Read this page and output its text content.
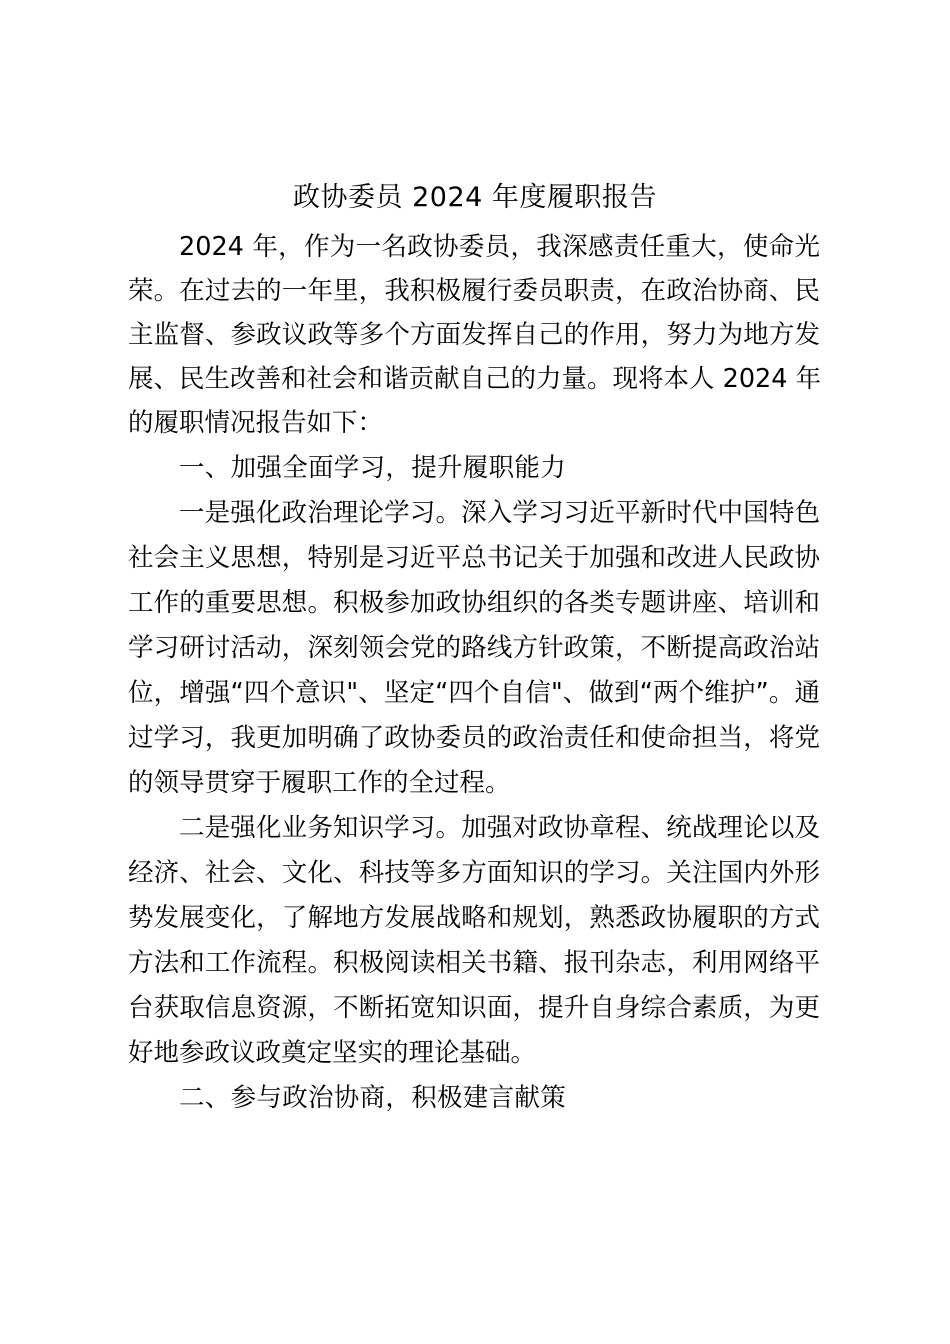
政协委员 2024 年度履职报告

2024 年，作为一名政协委员，我深感责任重大，使命光

荣。在过去的一年里，我积极履行委员职责，在政治协商、民

主监督、参政议政等多个方面发挥自己的作用，努力为地方发

展、民生改善和社会和谐贡献自己的力量。现将本人 2024 年

的履职情况报告如下：

一、加强全面学习，提升履职能力

一是强化政治理论学习。深入学习习近平新时代中国特色

社会主义思想，特别是习近平总书记关于加强和改进人民政协

工作的重要思想。积极参加政协组织的各类专题讲座、培训和

学习研讨活动，深刻领会党的路线方针政策，不断提高政治站

位，增强“四个意识"、坚定“四个自信"、做到“两个维护”。通

过学习，我更加明确了政协委员的政治责任和使命担当，将党

的领导贯穿于履职工作的全过程。

二是强化业务知识学习。加强对政协章程、统战理论以及

经济、社会、文化、科技等多方面知识的学习。关注国内外形

势发展变化，了解地方发展战略和规划，熟悉政协履职的方式

方法和工作流程。积极阅读相关书籍、报刊杂志，利用网络平

台获取信息资源，不断拓宽知识面，提升自身综合素质，为更

好地参政议政奠定坚实的理论基础。

二、参与政治协商，积极建言献策
